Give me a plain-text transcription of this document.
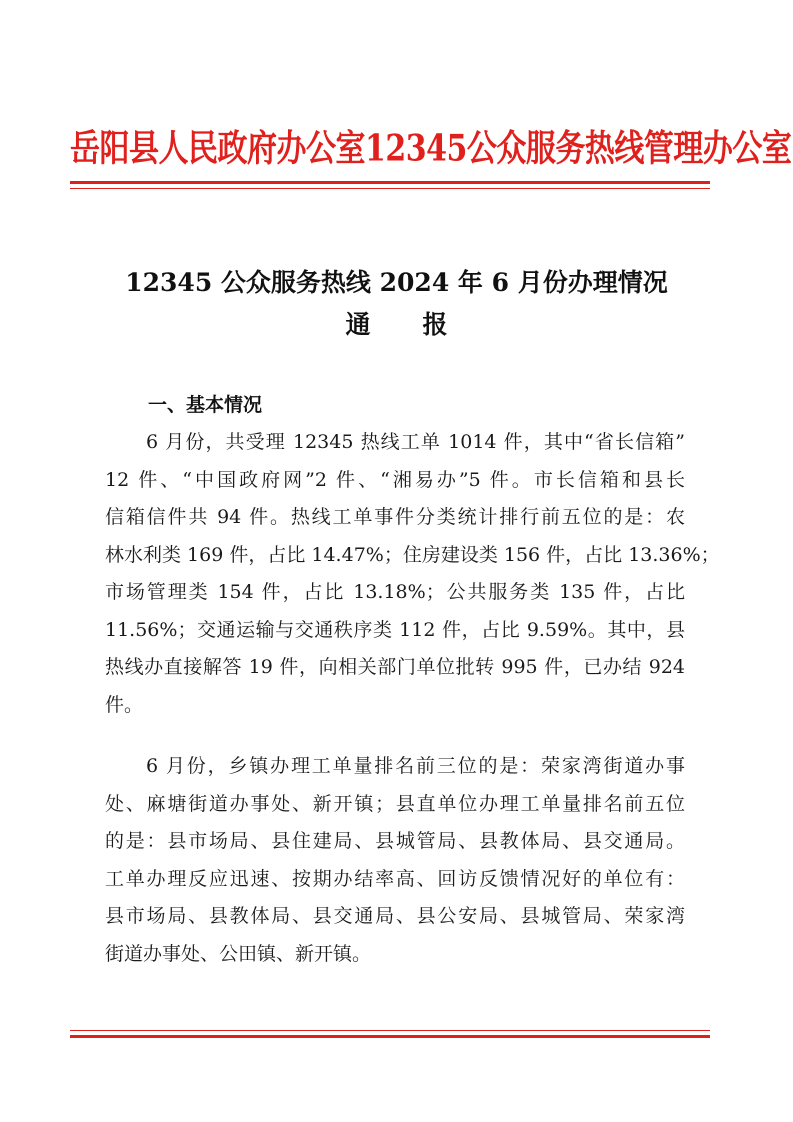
岳阳县人民政府办公室12345公众服务热线管理办公室
12345 公众服务热线 2024 年 6 月份办理情况
通 报
一、基本情况
6 月份，共受理 12345 热线工单 1014 件，其中“省长信箱”
12 件、“中国政府网”2 件、“湘易办”5 件。市长信箱和县长
信箱信件共 94 件。热线工单事件分类统计排行前五位的是：农
林水利类 169 件，占比 14.47%；住房建设类 156 件，占比 13.36%；
市场管理类 154 件，占比 13.18%；公共服务类 135 件，占比
11.56%；交通运输与交通秩序类 112 件，占比 9.59%。其中，县
热线办直接解答 19 件，向相关部门单位批转 995 件，已办结 924
件。
6 月份，乡镇办理工单量排名前三位的是：荣家湾街道办事
处、麻塘街道办事处、新开镇；县直单位办理工单量排名前五位
的是：县市场局、县住建局、县城管局、县教体局、县交通局。
工单办理反应迅速、按期办结率高、回访反馈情况好的单位有：
县市场局、县教体局、县交通局、县公安局、县城管局、荣家湾
街道办事处、公田镇、新开镇。
